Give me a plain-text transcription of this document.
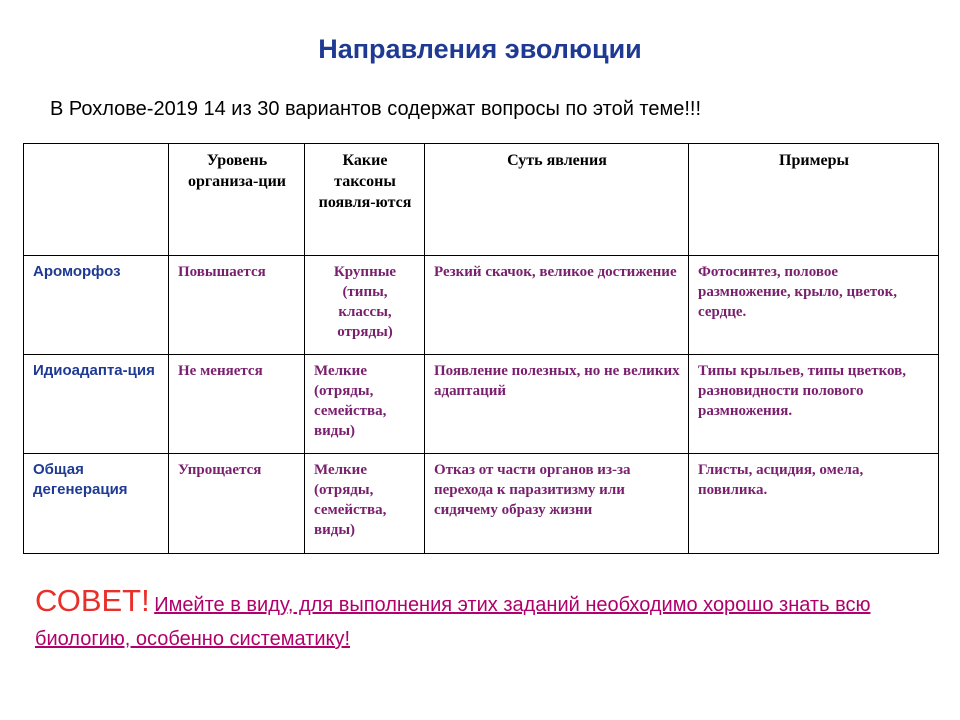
Направления эволюции
В Рохлове-2019 14 из 30 вариантов содержат вопросы по этой теме!!!
	Уровень организа-ции	Какие таксоны появля-ются	Суть явления	Примеры
Ароморфоз	Повышается	Крупные (типы, классы, отряды)	Резкий скачок, великое достижение	Фотосинтез, половое размножение, крыло, цветок, сердце.
Идиоадапта-ция	Не меняется	Мелкие (отряды, семейства, виды)	Появление полезных, но не великих адаптаций	Типы крыльев, типы цветков, разновидности полового размножения.
Общая дегенерация	Упрощается	Мелкие (отряды, семейства, виды)	Отказ от части органов из-за перехода к паразитизму или сидячему образу жизни	Глисты, асцидия, омела, повилика.
СОВЕТ! Имейте в виду, для выполнения этих заданий необходимо хорошо знать всю биологию, особенно систематику!
